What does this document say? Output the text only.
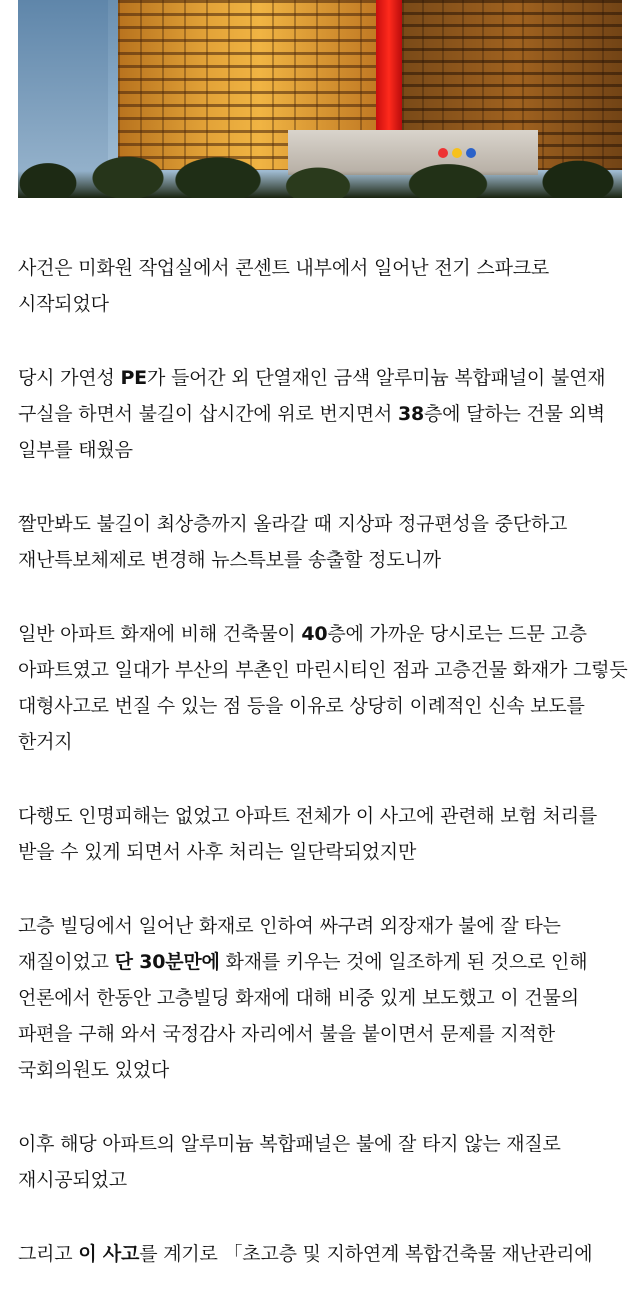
사건은 미화원 작업실에서 콘센트 내부에서 일어난 전기 스파크로 시작되었다

당시 가연성 PE가 들어간 외 단열재인 금색 알루미늄 복합패널이 불연재 구실을 하면서 불길이 삽시간에 위로 번지면서 38층에 달하는 건물 외벽 일부를 태웠음

짤만봐도 불길이 최상층까지 올라갈 때 지상파 정규편성을 중단하고 재난특보체제로 변경해 뉴스특보를 송출할 정도니까

일반 아파트 화재에 비해 건축물이 40층에 가까운 당시로는 드문 고층 아파트였고 일대가 부산의 부촌인 마린시티인 점과 고층건물 화재가 그렇듯 대형사고로 번질 수 있는 점 등을 이유로 상당히 이례적인 신속 보도를 한거지

다행도 인명피해는 없었고 아파트 전체가 이 사고에 관련해 보험 처리를 받을 수 있게 되면서 사후 처리는 일단락되었지만

고층 빌딩에서 일어난 화재로 인하여 싸구려 외장재가 불에 잘 타는 재질이었고 단 30분만에 화재를 키우는 것에 일조하게 된 것으로 인해 언론에서 한동안 고층빌딩 화재에 대해 비중 있게 보도했고 이 건물의 파편을 구해 와서 국정감사 자리에서 불을 붙이면서 문제를 지적한 국회의원도 있었다

이후 해당 아파트의 알루미늄 복합패널은 불에 잘 타지 않는 재질로 재시공되었고

그리고 이 사고를 계기로 「초고층 및 지하연계 복합건축물 재난관리에
